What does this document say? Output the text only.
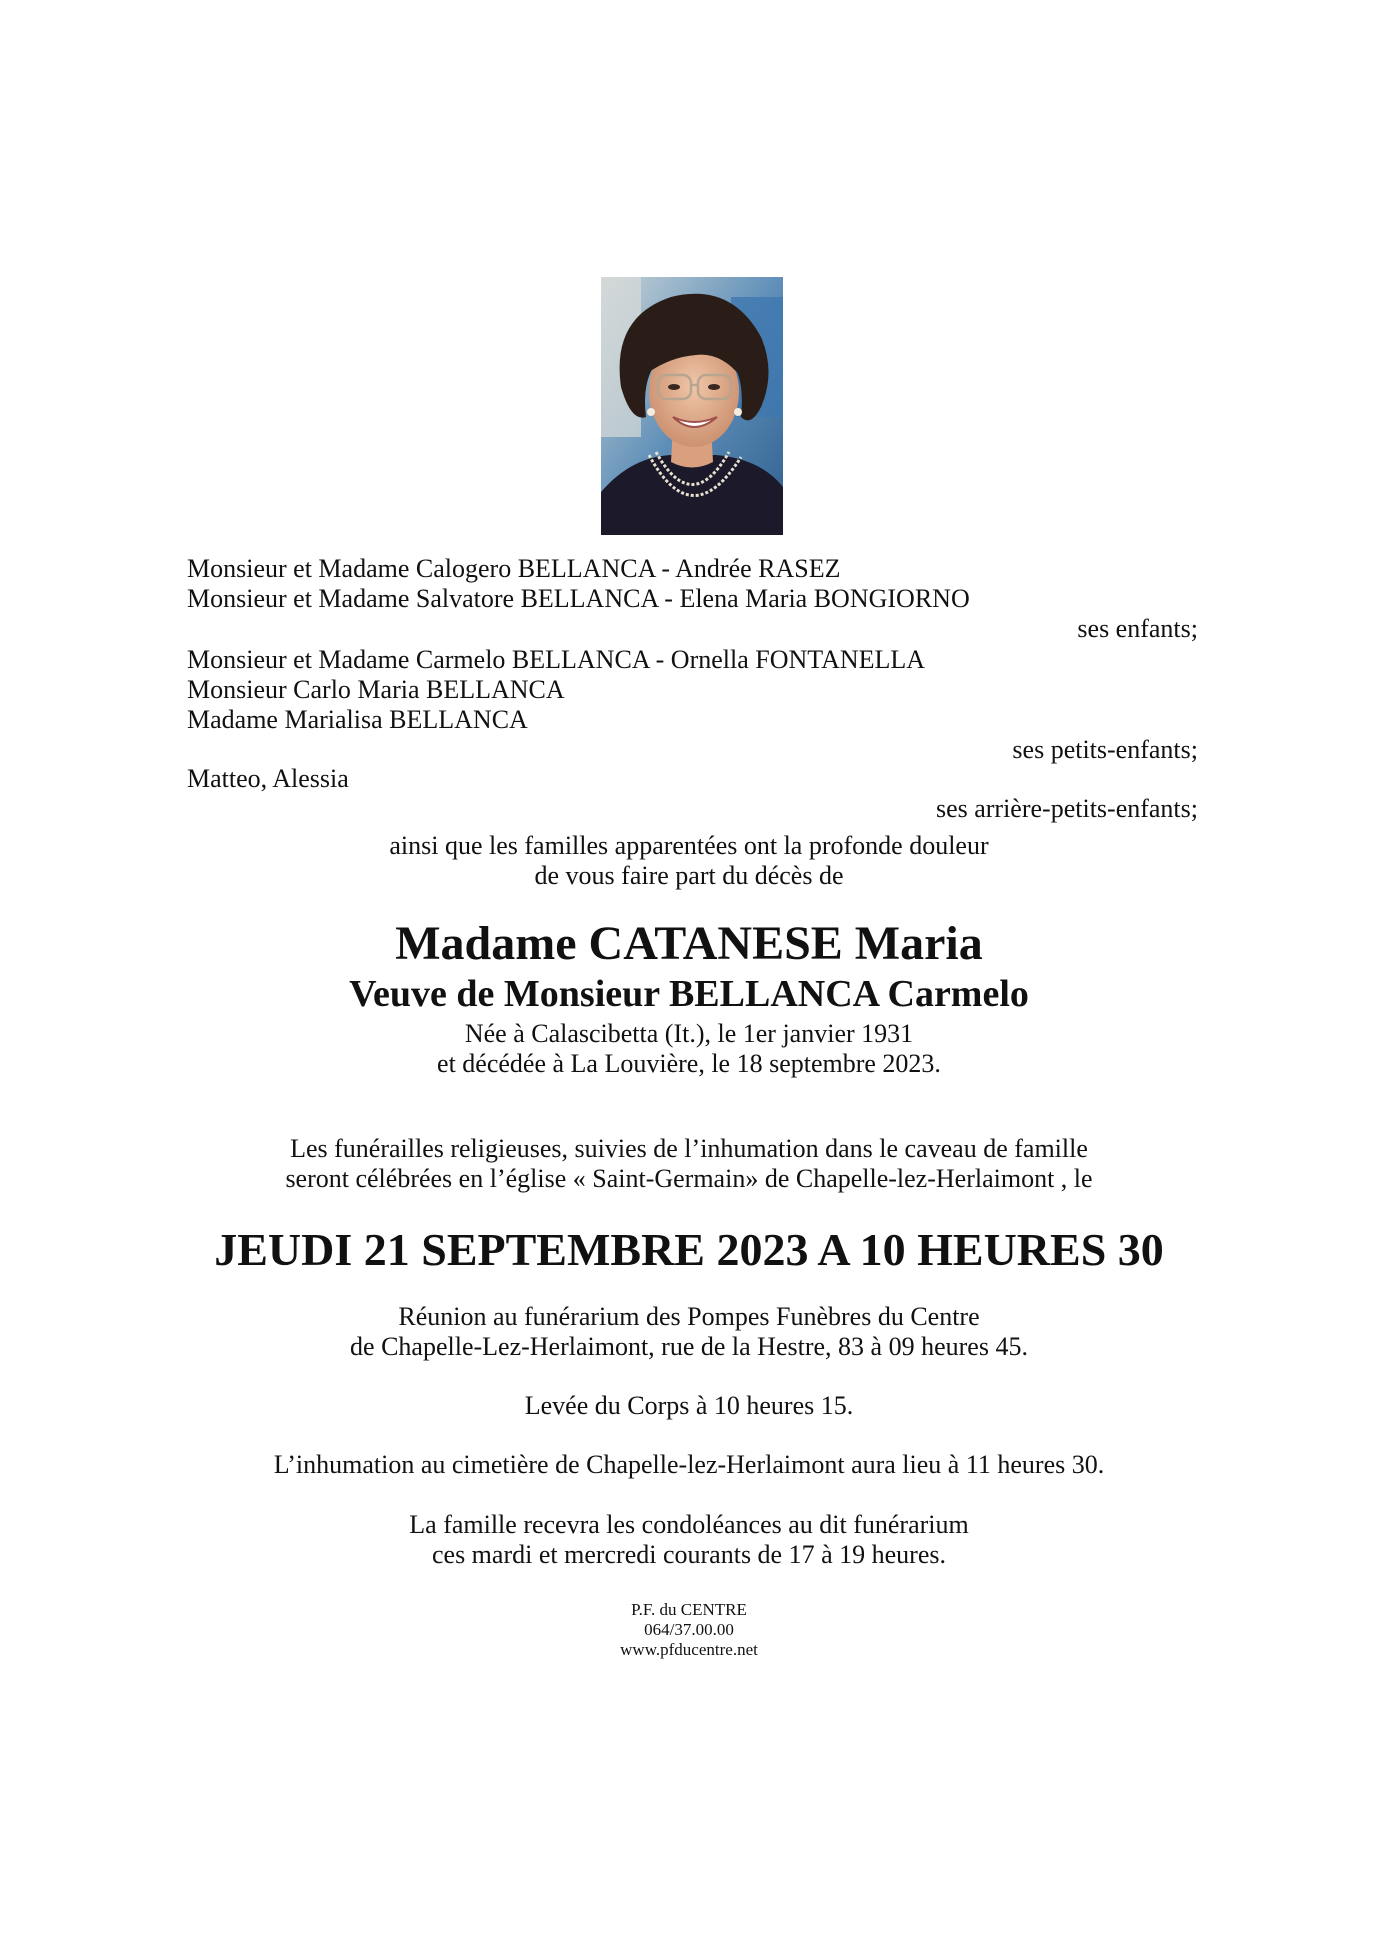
Monsieur et Madame Calogero BELLANCA - Andrée RASEZ
Monsieur et Madame Salvatore BELLANCA - Elena Maria BONGIORNO
ses enfants;
Monsieur et Madame Carmelo BELLANCA - Ornella FONTANELLA
Monsieur Carlo Maria BELLANCA
Madame Marialisa BELLANCA
ses petits-enfants;
Matteo, Alessia
ses arrière-petits-enfants;
ainsi que les familles apparentées ont la profonde douleur
de vous faire part du décès de
Madame CATANESE Maria
Veuve de Monsieur BELLANCA Carmelo
Née à Calascibetta (It.), le 1er janvier 1931
et décédée à La Louvière, le 18 septembre 2023.
Les funérailles religieuses, suivies de l’inhumation dans le caveau de famille
seront célébrées en l’église « Saint-Germain» de Chapelle-lez-Herlaimont , le
JEUDI 21 SEPTEMBRE 2023 A 10 HEURES 30
Réunion au funérarium des Pompes Funèbres du Centre
de Chapelle-Lez-Herlaimont, rue de la Hestre, 83 à 09 heures 45.
Levée du Corps à 10 heures 15.
L’inhumation au cimetière de Chapelle-lez-Herlaimont aura lieu à 11 heures 30.
La famille recevra les condoléances au dit funérarium
ces mardi et mercredi courants de 17 à 19 heures.
P.F. du CENTRE
064/37.00.00
www.pfducentre.net
